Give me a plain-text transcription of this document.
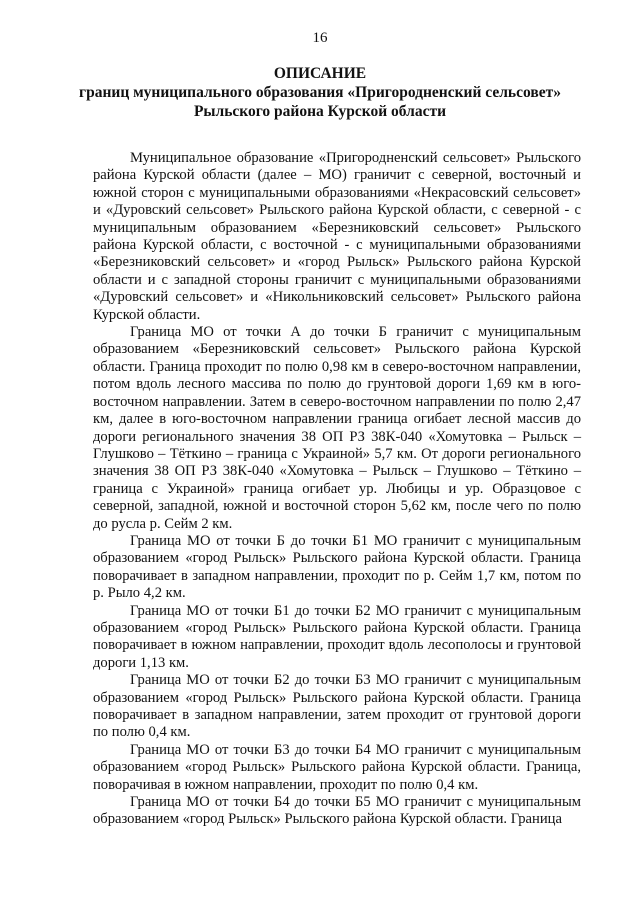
16
ОПИСАНИЕ
границ муниципального образования «Пригородненский сельсовет»
Рыльского района Курской области

Муниципальное образование «Пригородненский сельсовет» Рыльского района Курской области (далее – МО) граничит с северной, восточный и южной сторон с муниципальными образованиями «Некрасовский сельсовет» и «Дуровский сельсовет» Рыльского района Курской области, с северной - с муниципальным образованием «Березниковский сельсовет» Рыльского района Курской области, с восточной - с муниципальными образованиями «Березниковский сельсовет» и «город Рыльск» Рыльского района Курской области и с западной стороны граничит с муниципальными образованиями «Дуровский сельсовет» и «Никольниковский сельсовет» Рыльского района Курской области.

Граница МО от точки А до точки Б граничит с муниципальным образованием «Березниковский сельсовет» Рыльского района Курской области. Граница проходит по полю 0,98 км в северо-восточном направлении, потом вдоль лесного массива по полю до грунтовой дороги 1,69 км в юго-восточном направлении. Затем в северо-восточном направлении по полю 2,47 км, далее в юго-восточном направлении граница огибает лесной массив до дороги регионального значения 38 ОП РЗ 38К-040 «Хомутовка – Рыльск – Глушково – Тёткино – граница с Украиной» 5,7 км. От дороги регионального значения 38 ОП РЗ 38К-040 «Хомутовка – Рыльск – Глушково – Тёткино – граница с Украиной» граница огибает ур. Любицы и ур. Образцовое с северной, западной, южной и восточной сторон 5,62 км, после чего по полю до русла р. Сейм 2 км.

Граница МО от точки Б до точки Б1 МО граничит с муниципальным образованием «город Рыльск» Рыльского района Курской области. Граница поворачивает в западном направлении, проходит по р. Сейм 1,7 км, потом по р. Рыло 4,2 км.

Граница МО от точки Б1 до точки Б2 МО граничит с муниципальным образованием «город Рыльск» Рыльского района Курской области. Граница поворачивает в южном направлении, проходит вдоль лесополосы и грунтовой дороги 1,13 км.

Граница МО от точки Б2 до точки Б3 МО граничит с муниципальным образованием «город Рыльск» Рыльского района Курской области. Граница поворачивает в западном направлении, затем проходит от грунтовой дороги по полю 0,4 км.

Граница МО от точки Б3 до точки Б4 МО граничит с муниципальным образованием «город Рыльск» Рыльского района Курской области. Граница, поворачивая в южном направлении, проходит по полю 0,4 км.

Граница МО от точки Б4 до точки Б5 МО граничит с муниципальным образованием «город Рыльск» Рыльского района Курской области. Граница
